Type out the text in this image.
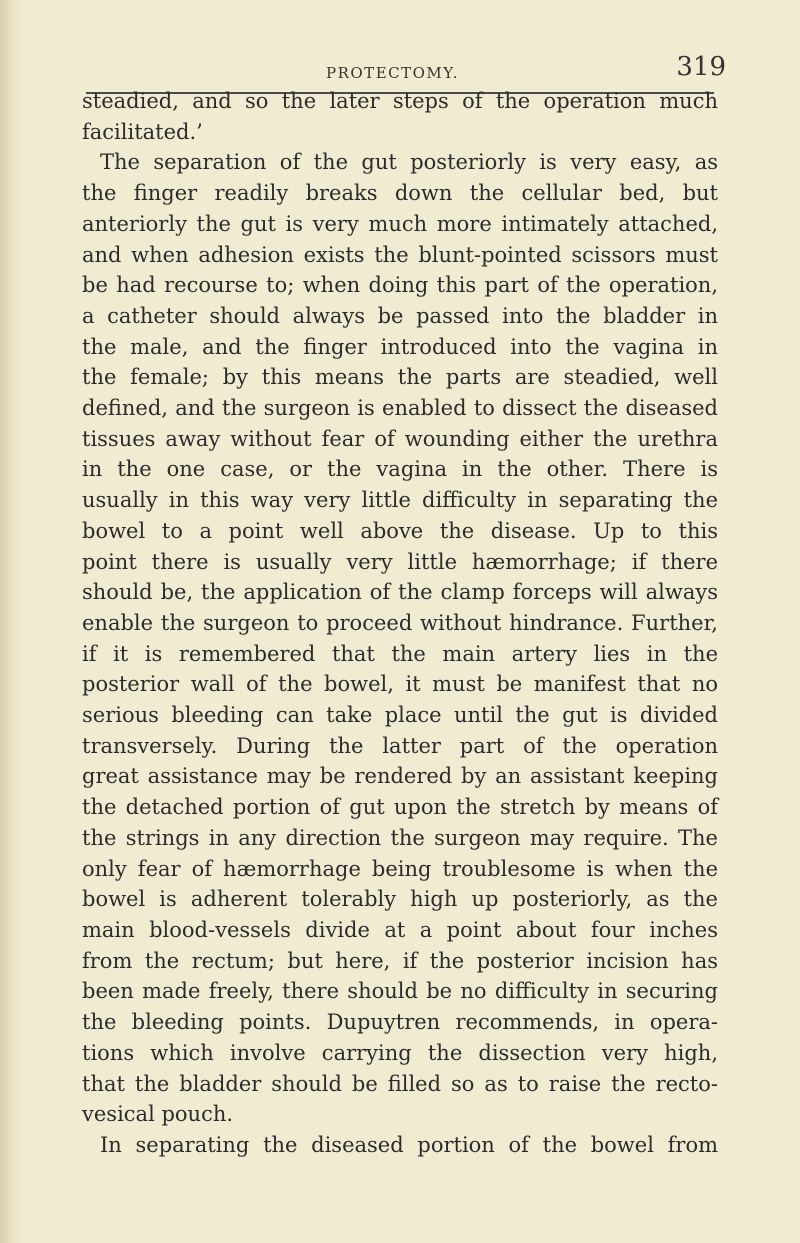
PROTECTOMY.	319
steadied, and so the later steps of the operation much
facilitated.’
The separation of the gut posteriorly is very easy, as
the finger readily breaks down the cellular bed, but
anteriorly the gut is very much more intimately attached,
and when adhesion exists the blunt-pointed scissors must
be had recourse to; when doing this part of the operation,
a catheter should always be passed into the bladder in
the male, and the finger introduced into the vagina in
the female; by this means the parts are steadied, well
defined, and the surgeon is enabled to dissect the diseased
tissues away without fear of wounding either the urethra
in the one case, or the vagina in the other. There is
usually in this way very little difficulty in separating the
bowel to a point well above the disease. Up to this
point there is usually very little hæmorrhage; if there
should be, the application of the clamp forceps will always
enable the surgeon to proceed without hindrance. Further,
if it is remembered that the main artery lies in the
posterior wall of the bowel, it must be manifest that no
serious bleeding can take place until the gut is divided
transversely. During the latter part of the operation
great assistance may be rendered by an assistant keeping
the detached portion of gut upon the stretch by means of
the strings in any direction the surgeon may require. The
only fear of hæmorrhage being troublesome is when the
bowel is adherent tolerably high up posteriorly, as the
main blood-vessels divide at a point about four inches
from the rectum; but here, if the posterior incision has
been made freely, there should be no difficulty in securing
the bleeding points. Dupuytren recommends, in opera-
tions which involve carrying the dissection very high,
that the bladder should be filled so as to raise the recto-
vesical pouch.
In separating the diseased portion of the bowel from
